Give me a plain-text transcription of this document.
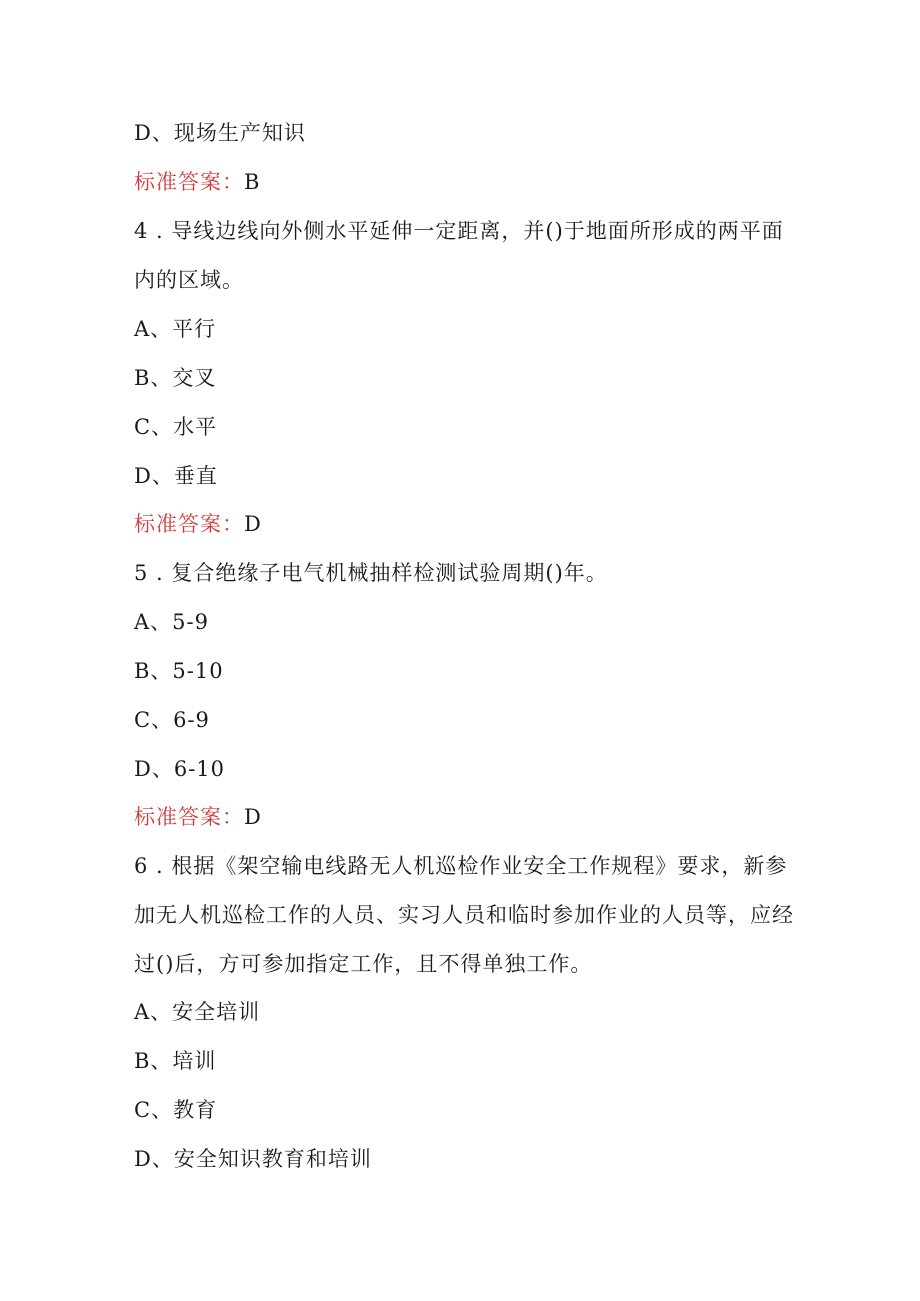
D、现场生产知识
标准答案：B
4 . 导线边线向外侧水平延伸一定距离，并()于地面所形成的两平面
内的区域。
A、平行
B、交叉
C、水平
D、垂直
标准答案：D
5 . 复合绝缘子电气机械抽样检测试验周期()年。
A、5-9
B、5-10
C、6-9
D、6-10
标准答案：D
6 . 根据《架空输电线路无人机巡检作业安全工作规程》要求，新参
加无人机巡检工作的人员、实习人员和临时参加作业的人员等，应经
过()后，方可参加指定工作，且不得单独工作。
A、安全培训
B、培训
C、教育
D、安全知识教育和培训
